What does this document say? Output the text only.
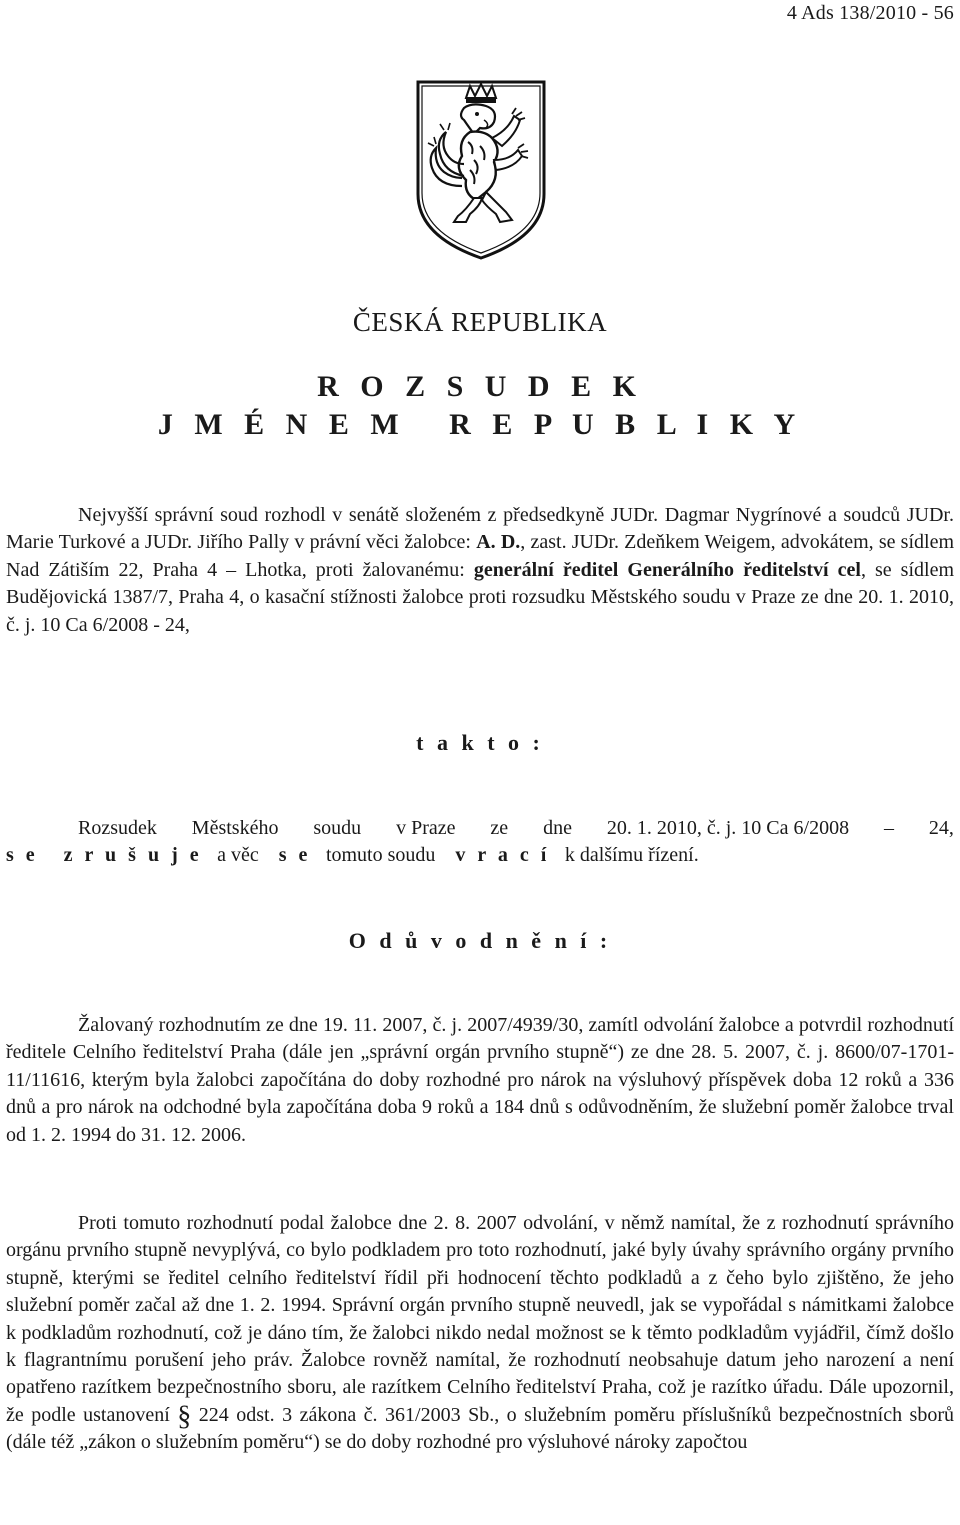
4 Ads 138/2010 - 56
ČESKÁ REPUBLIKA
R O Z S U D E K
J M É N E M   R E P U B L I K Y

Nejvyšší správní soud rozhodl v senátě složeném z předsedkyně JUDr. Dagmar Nygrínové a soudců JUDr. Marie Turkové a JUDr. Jiřího Pally v právní věci žalobce: A. D., zast. JUDr. Zdeňkem Weigem, advokátem, se sídlem Nad Zátiším 22, Praha 4 – Lhotka, proti žalovanému: generální ředitel Generálního ředitelství cel, se sídlem Budějovická 1387/7, Praha 4, o kasační stížnosti žalobce proti rozsudku Městského soudu v Praze ze dne 20. 1. 2010, č. j. 10 Ca 6/2008 - 24,

t a k t o :
Rozsudek Městského soudu v Praze ze dne 20. 1. 2010, č. j. 10 Ca 6/2008 – 24,
s e   z r u š u j e a věc s e tomuto soudu v r a c í k dalšímu řízení.
O d ů v o d n ě n í :

Žalovaný rozhodnutím ze dne 19. 11. 2007, č. j. 2007/4939/30, zamítl odvolání žalobce a potvrdil rozhodnutí ředitele Celního ředitelství Praha (dále jen „správní orgán prvního stupně“) ze dne 28. 5. 2007, č. j. 8600/07-1701-11/11616, kterým byla žalobci započítána do doby rozhodné pro nárok na výsluhový příspěvek doba 12 roků a 336 dnů a pro nárok na odchodné byla započítána doba 9 roků a 184 dnů s odůvodněním, že služební poměr žalobce trval od 1. 2. 1994 do 31. 12. 2006.

Proti tomuto rozhodnutí podal žalobce dne 2. 8. 2007 odvolání, v němž namítal, že z rozhodnutí správního orgánu prvního stupně nevyplývá, co bylo podkladem pro toto rozhodnutí, jaké byly úvahy správního orgány prvního stupně, kterými se ředitel celního ředitelství řídil při hodnocení těchto podkladů a z čeho bylo zjištěno, že jeho služební poměr začal až dne 1. 2. 1994. Správní orgán prvního stupně neuvedl, jak se vypořádal s námitkami žalobce k podkladům rozhodnutí, což je dáno tím, že žalobci nikdo nedal možnost se k těmto podkladům vyjádřil, čímž došlo k flagrantnímu porušení jeho práv. Žalobce rovněž namítal, že rozhodnutí neobsahuje datum jeho narození a není opatřeno razítkem bezpečnostního sboru, ale razítkem Celního ředitelství Praha, což je razítko úřadu. Dále upozornil, že podle ustanovení § 224 odst. 3 zákona č. 361/2003 Sb., o služebním poměru příslušníků bezpečnostních sborů (dále též „zákon o služebním poměru“) se do doby rozhodné pro výsluhové nároky započtou
